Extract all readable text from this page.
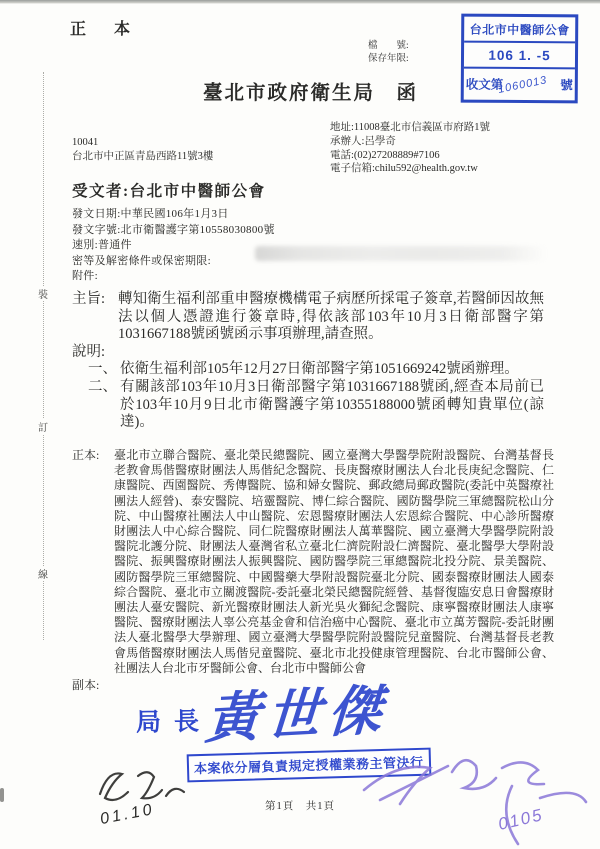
正　本
檔　　號:
保存年限:
臺北市政府衛生局　函
台北市中醫師公會
106 1. -5
收文第
1060013 號
地址:11008臺北市信義區市府路1號
承辦人:呂學奇
電話:(02)27208889#7106
電子信箱:chilu592@health.gov.tw
10041
台北市中正區青島西路11號3樓
受文者:台北市中醫師公會
發文日期:中華民國106年1月3日
發文字號:北市衛醫護字第10558030800號
速別:普通件
密等及解密條件或保密期限:
附件:
主旨: 轉知衛生福利部重申醫療機構電子病歷所採電子簽章,若醫師因故無法以個人憑證進行簽章時,得依該部103年10月3日衛部醫字第1031667188號函號函示事項辦理,請查照。
說明:
一、 依衛生福利部105年12月27日衛部醫字第1051669242號函辦理。
二、 有關該部103年10月3日衛部醫字第1031667188號函,經查本局前已於103年10月9日北市衛醫護字第10355188000號函轉知貴單位(諒達)。
正本:	臺北市立聯合醫院、臺北榮民總醫院、國立臺灣大學醫學院附設醫院、台灣基督長老教會馬偕醫療財團法人馬偕紀念醫院、長庚醫療財團法人台北長庚紀念醫院、仁康醫院、西園醫院、秀傳醫院、協和婦女醫院、郵政總局郵政醫院(委託中英醫療社團法人經營)、泰安醫院、培靈醫院、博仁綜合醫院、國防醫學院三軍總醫院松山分院、中山醫療社團法人中山醫院、宏恩醫療財團法人宏恩綜合醫院、中心診所醫療財團法人中心綜合醫院、同仁院醫療財團法人萬華醫院、國立臺灣大學醫學院附設醫院北護分院、財團法人臺灣省私立臺北仁濟院附設仁濟醫院、臺北醫學大學附設醫院、振興醫療財團法人振興醫院、國防醫學院三軍總醫院北投分院、景美醫院、國防醫學院三軍總醫院、中國醫藥大學附設醫院臺北分院、國泰醫療財團法人國泰綜合醫院、臺北市立關渡醫院-委託臺北榮民總醫院經營、基督復臨安息日會醫療財團法人臺安醫院、新光醫療財團法人新光吳火獅紀念醫院、康寧醫療財團法人康寧醫院、醫療財團法人辜公亮基金會和信治癌中心醫院、臺北市立萬芳醫院-委託財團法人臺北醫學大學辦理、國立臺灣大學醫學院附設醫院兒童醫院、台灣基督長老教會馬偕醫療財團法人馬偕兒童醫院、臺北市北投健康管理醫院、台北市醫師公會、社團法人台北市牙醫師公會、台北市中醫師公會
副本:
裝
訂
線
局長
黃世傑
本案依分層負責規定授權業務主管決行
01.10	0105
第1頁　共1頁
